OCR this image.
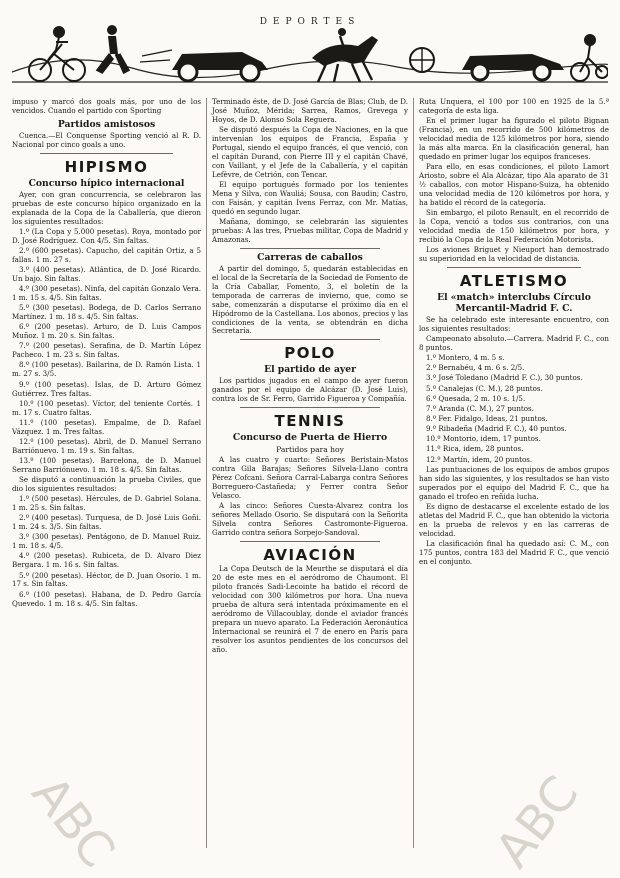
DEPORTES

impuso y marcó dos goals más, por uno de los vencidos. Cuando el partido con Sporting

Partidos amistosos

Cuenca.—El Conquense Sporting venció al R. D. Nacional por cinco goals a uno.

HIPISMO
Concurso hípico internacional

Ayer, con gran concurrencia, se celebraron las pruebas de este concurso hípico organizado en la explanada de la Copa de la Caballería, que dieron los siguientes resultados:

1.º (La Copa y 5.000 pesetas). Roya, montado por D. José Rodríguez. Con 4/5. Sin faltas.

2.º (600 pesetas). Capucho, del capitán Ortiz, a 5 fallas. 1 m. 27 s.

3.º (400 pesetas). Atlántica, de D. José Ricardo. Un bajo. Sin faltas.

4.º (300 pesetas). Ninfa, del capitán Gonzalo Vera. 1 m. 15 s. 4/5. Sin faltas.

5.º (300 pesetas). Bodega, de D. Carlos Serrano Martínez. 1 m. 18 s. 4/5. Sin faltas.

6.º (200 pesetas). Arturo, de D. Luis Campos Muñoz. 1 m. 20 s. Sin faltas.

7.º (200 pesetas). Serafina, de D. Martín López Pacheco. 1 m. 23 s. Sin faltas.

8.º (100 pesetas). Bailarina, de D. Ramón Lista. 1 m. 27 s. 3/5.

9.º (100 pesetas). Islas, de D. Arturo Gómez Gutiérrez. Tres faltas.

10.º (100 pesetas). Víctor, del teniente Cortés. 1 m. 17 s. Cuatro faltas.

11.º (100 pesetas). Empalme, de D. Rafael Vázquez. 1 m. Tres faltas.

12.º (100 pesetas). Abril, de D. Manuel Serrano Barriónuevo. 1 m. 19 s. Sin faltas.

13.º (100 pesetas). Barcelona, de D. Manuel Serrano Barriónuevo. 1 m. 18 s. 4/5. Sin faltas.

Se disputó a continuación la prueba Civiles, que dio los siguientes resultados:

1.º (500 pesetas). Hércules, de D. Gabriel Solana. 1 m. 25 s. Sin faltas.

2.º (400 pesetas). Turquesa, de D. José Luis Goñi. 1 m. 24 s. 3/5. Sin faltas.

3.º (300 pesetas). Pentágono, de D. Manuel Ruiz. 1 m. 18 s. 4/5.

4.º (200 pesetas). Rubiceta, de D. Alvaro Diez Bergara. 1 m. 16 s. Sin faltas.

5.º (200 pesetas). Héctor, de D. Juan Osorio. 1 m. 17 s. Sin faltas.

6.º (100 pesetas). Habana, de D. Pedro García Quevedo. 1 m. 18 s. 4/5. Sin faltas.

Terminado éste, de D. José García de Blas; Club, de D. José Muñoz, Mérida; Sarrea, Ramos, Grevega y Hoyos, de D. Alonso Sola Reguera.

Se disputó después la Copa de Naciones, en la que intervenían los equipos de Francia, España y Portugal, siendo el equipo francés, el que venció, con el capitán Durand, con Pierre III y el capitán Chavé, con Vaillant, y el Jefe de la Caballería, y el capitán Lefèvre, de Cetrión, con Tencar.

El equipo portugués formado por los tenientes Mena y Silva, con Wauliá; Sousa, con Baudin; Castro, con Faisán, y capitán Ivens Ferraz, con Mr. Matías, quedó en segundo lugar.

Mañana, domingo, se celebrarán las siguientes pruebas: A las tres, Pruebas militar, Copa de Madrid y Amazonas.

Carreras de caballos

A partir del domingo, 5, quedarán establecidas en el local de la Secretaría de la Sociedad de Fomento de la Cría Caballar, Fomento, 3, el boletín de la temporada de carreras de invierno, que, como se sabe, comenzarán a disputarse el próximo día en el Hipódromo de la Castellana. Los abonos, precios y las condiciones de la venta, se obtendrán en dicha Secretaría.

POLO
El partido de ayer

Los partidos jugados en el campo de ayer fueron ganados por el equipo de Alcázar (D. José Luis), contra los de Sr. Ferro, Garrido Figueroa y Compañía.

TENNIS
Concurso de Puerta de Hierro
Partidos para hoy

A las cuatro y cuarto: Señores Beristain-Matos contra Gila Barajas; Señores Silvela-Llano contra Pérez Cofcani. Señora Carral-Labarga contra Señores Borreguero-Castañeda; y Ferrer contra Señor Velasco.

A las cinco: Señores Cuesta-Alvarez contra los señores Mellado Osorio. Se disputará con la Señorita Silvela contra Señores Castromonte-Figueroa. Garrido contra señora Sorpejo-Sandoval.

AVIACIÓN

La Copa Deutsch de la Meurthe se disputará el día 20 de este mes en el aeródromo de Chaumont. El piloto francés Sadi-Lecointe ha batido el récord de velocidad con 300 kilómetros por hora. Una nueva prueba de altura será intentada próximamente en el aeródromo de Villacoublay, donde el aviador francés prepara un nuevo aparato. La Federación Aeronáutica Internacional se reunirá el 7 de enero en París para resolver los asuntos pendientes de los concursos del año.

Ruta Unquera, el 100 por 100 en 1925 de la 5.ª categoría de esta liga.

En el primer lugar ha figurado el piloto Bignan (Francia), en un recorrido de 500 kilómetros de velocidad media de 125 kilómetros por hora, siendo la más alta marca. En la clasificación general, han quedado en primer lugar los equipos franceses.

Para ello, en esas condiciones, el piloto Lamort Ariosto, sobre el Ala Alcázar, tipo Ala aparato de 31 ½ caballos, con motor Hispano-Suiza, ha obtenido una velocidad media de 120 kilómetros por hora, y ha batido el récord de la categoría.

Sin embargo, el piloto Renault, en el recorrido de la Copa, venció a todos sus contrarios, con una velocidad media de 150 kilómetros por hora, y recibió la Copa de la Real Federación Motorista.

Los aviones Briguet y Nieuport han demostrado su superioridad en la velocidad de distancia.

ATLETISMO
El «match» interclubs Círculo Mercantil-Madrid F. C.

Se ha celebrado este interesante encuentro, con los siguientes resultados:

Campeonato absoluto.—Carrera. Madrid F. C., con 8 puntos.

1.º Montero, 4 m. 5 s.

2.º Bernabéu, 4 m. 6 s. 2/5.

3.º José Toledano (Madrid F. C.), 30 puntos.

5.º Canalejas (C. M.), 28 puntos.

6.º Quesada, 2 m. 10 s. 1/5.

7.º Aranda (C. M.), 27 puntos.

8.º Fer. Fidalgo, Ideas, 21 puntos.

9.º Ribadeña (Madrid F. C.), 40 puntos.

10.º Montorio, idem, 17 puntos.

11.º Rica, idem, 28 puntos.

12.º Martín, idem, 20 puntos.

Las puntuaciones de los equipos de ambos grupos han sido las siguientes, y los resultados se han visto superados por el equipo del Madrid F. C., que ha ganado el trofeo en reñida lucha.

Es digno de destacarse el excelente estado de los atletas del Madrid F. C., que han obtenido la victoria en la prueba de relevos y en las carreras de velocidad.

La clasificación final ha quedado así: C. M., con 175 puntos, contra 183 del Madrid F. C., que venció en el conjunto.

ABC	ABC
